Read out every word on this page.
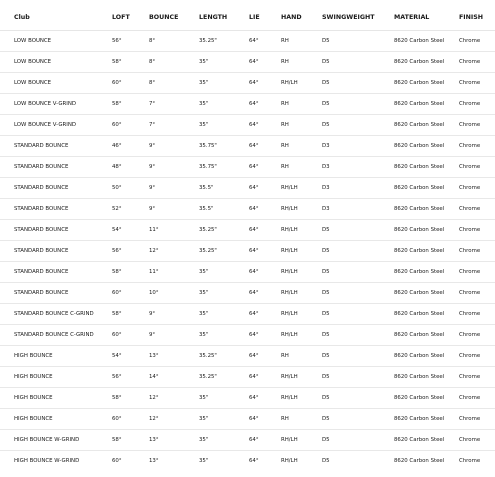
Club	LOFT	BOUNCE	LENGTH	LIE	HAND	SWINGWEIGHT	MATERIAL	FINISH
LOW BOUNCE	56°	8°	35.25"	64°	RH	D5	8620 Carbon Steel	Chrome
LOW BOUNCE	58°	8°	35"	64°	RH	D5	8620 Carbon Steel	Chrome
LOW BOUNCE	60°	8°	35"	64°	RH/LH	D5	8620 Carbon Steel	Chrome
LOW BOUNCE V-GRIND	58°	7°	35"	64°	RH	D5	8620 Carbon Steel	Chrome
LOW BOUNCE V-GRIND	60°	7°	35"	64°	RH	D5	8620 Carbon Steel	Chrome
STANDARD BOUNCE	46°	9°	35.75"	64°	RH	D3	8620 Carbon Steel	Chrome
STANDARD BOUNCE	48°	9°	35.75"	64°	RH	D3	8620 Carbon Steel	Chrome
STANDARD BOUNCE	50°	9°	35.5"	64°	RH/LH	D3	8620 Carbon Steel	Chrome
STANDARD BOUNCE	52°	9°	35.5"	64°	RH/LH	D3	8620 Carbon Steel	Chrome
STANDARD BOUNCE	54°	11°	35.25"	64°	RH/LH	D5	8620 Carbon Steel	Chrome
STANDARD BOUNCE	56°	12°	35.25"	64°	RH/LH	D5	8620 Carbon Steel	Chrome
STANDARD BOUNCE	58°	11°	35"	64°	RH/LH	D5	8620 Carbon Steel	Chrome
STANDARD BOUNCE	60°	10°	35"	64°	RH/LH	D5	8620 Carbon Steel	Chrome
STANDARD BOUNCE C-GRIND	58°	9°	35"	64°	RH/LH	D5	8620 Carbon Steel	Chrome
STANDARD BOUNCE C-GRIND	60°	9°	35"	64°	RH/LH	D5	8620 Carbon Steel	Chrome
HIGH BOUNCE	54°	13°	35.25"	64°	RH	D5	8620 Carbon Steel	Chrome
HIGH BOUNCE	56°	14°	35.25"	64°	RH/LH	D5	8620 Carbon Steel	Chrome
HIGH BOUNCE	58°	12°	35"	64°	RH/LH	D5	8620 Carbon Steel	Chrome
HIGH BOUNCE	60°	12°	35"	64°	RH	D5	8620 Carbon Steel	Chrome
HIGH BOUNCE W-GRIND	58°	13°	35"	64°	RH/LH	D5	8620 Carbon Steel	Chrome
HIGH BOUNCE W-GRIND	60°	13°	35"	64°	RH/LH	D5	8620 Carbon Steel	Chrome
